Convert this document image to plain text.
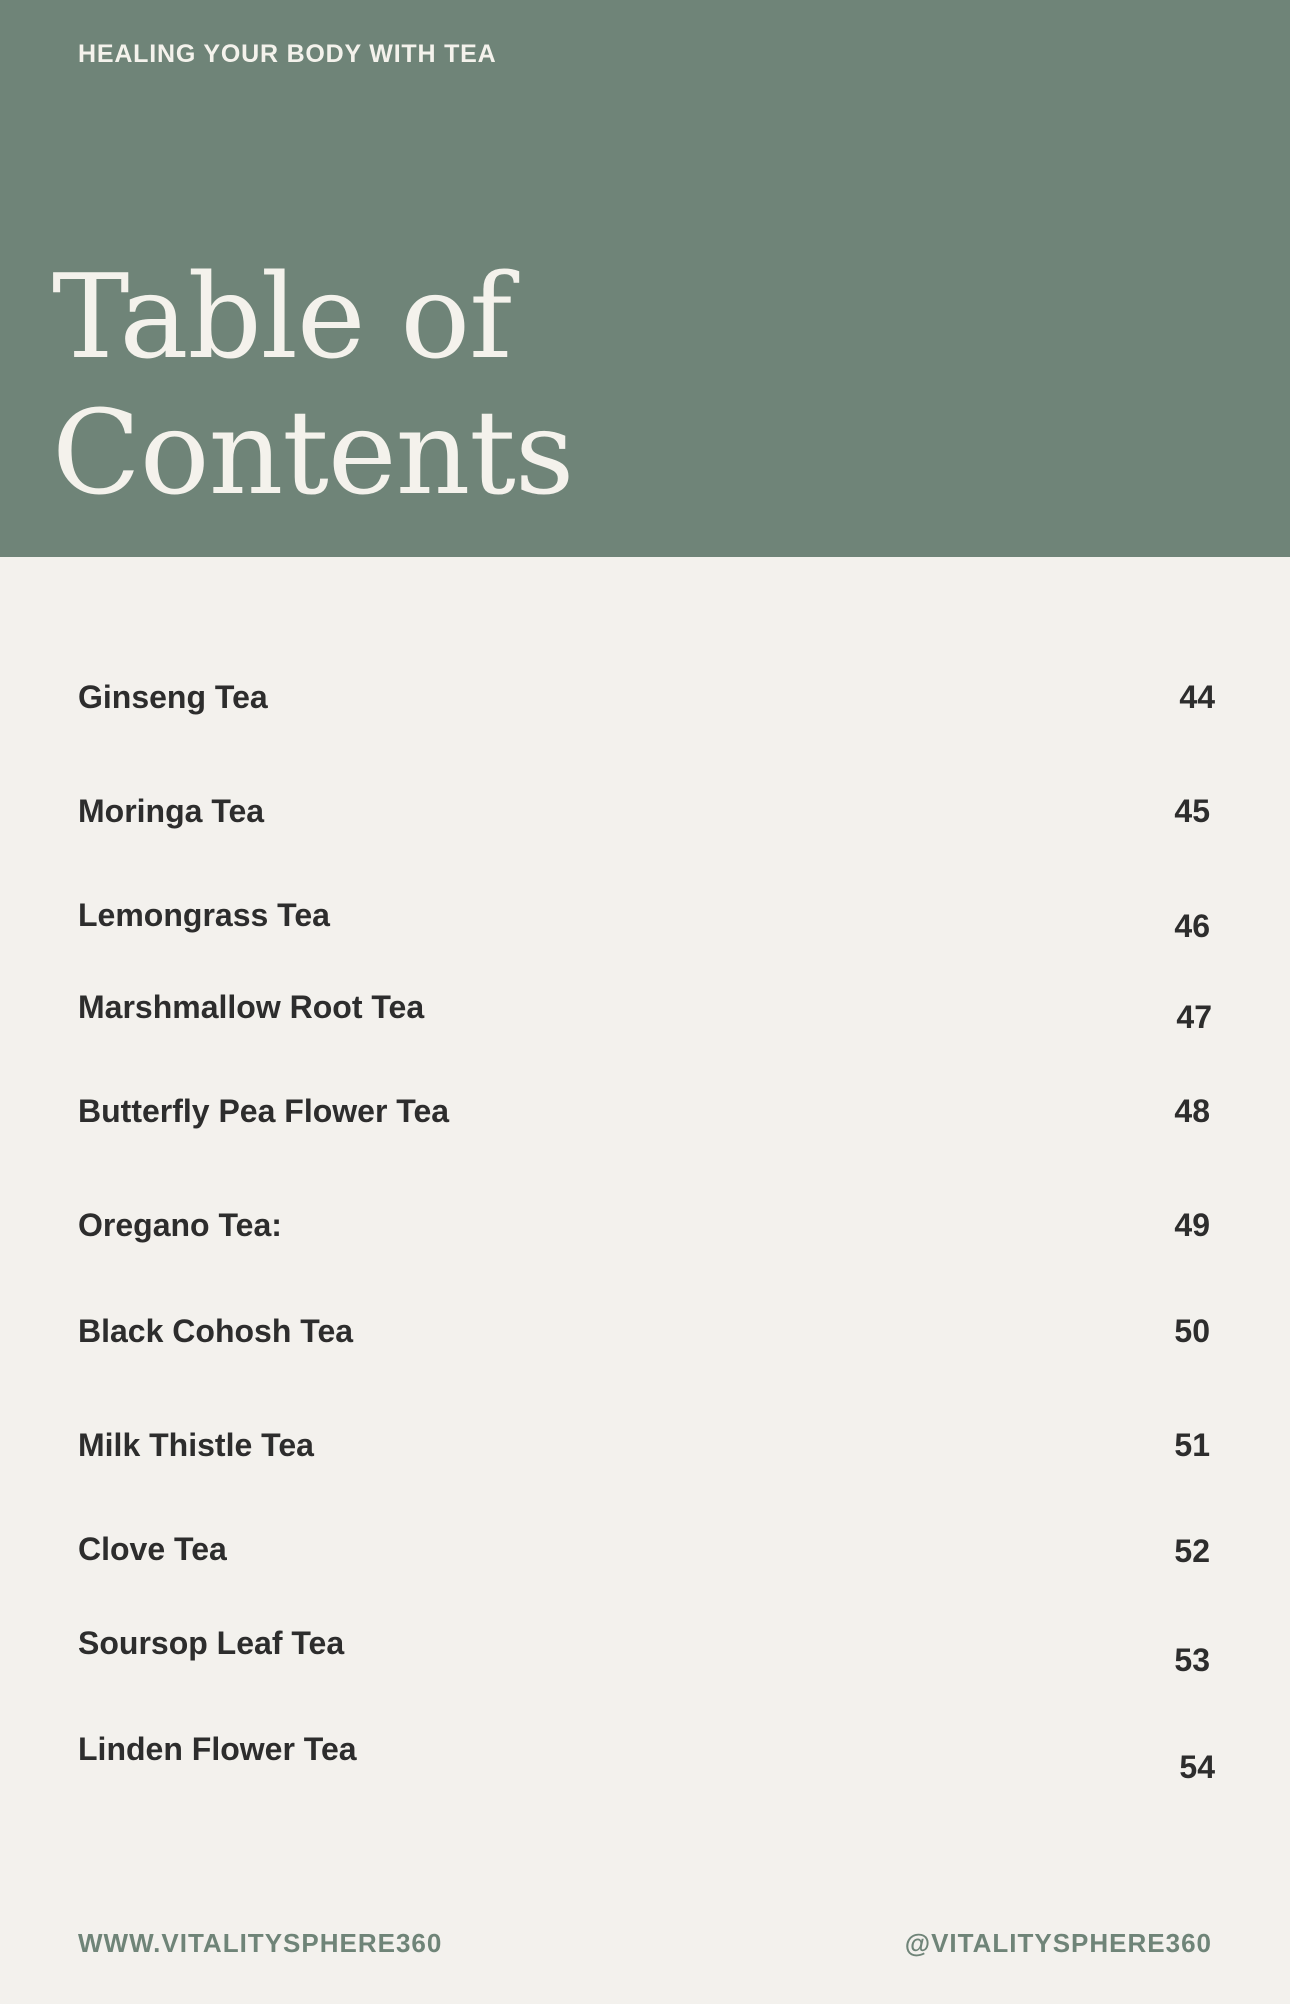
HEALING YOUR BODY WITH TEA
Table of
Contents
Ginseng Tea	44
Moringa Tea	45
Lemongrass Tea	46
Marshmallow Root Tea	47
Butterfly Pea Flower Tea	48
Oregano Tea:	49
Black Cohosh Tea	50
Milk Thistle Tea	51
Clove Tea	52
Soursop Leaf Tea	53
Linden Flower Tea	54
WWW.VITALITYSPHERE360	@VITALITYSPHERE360
